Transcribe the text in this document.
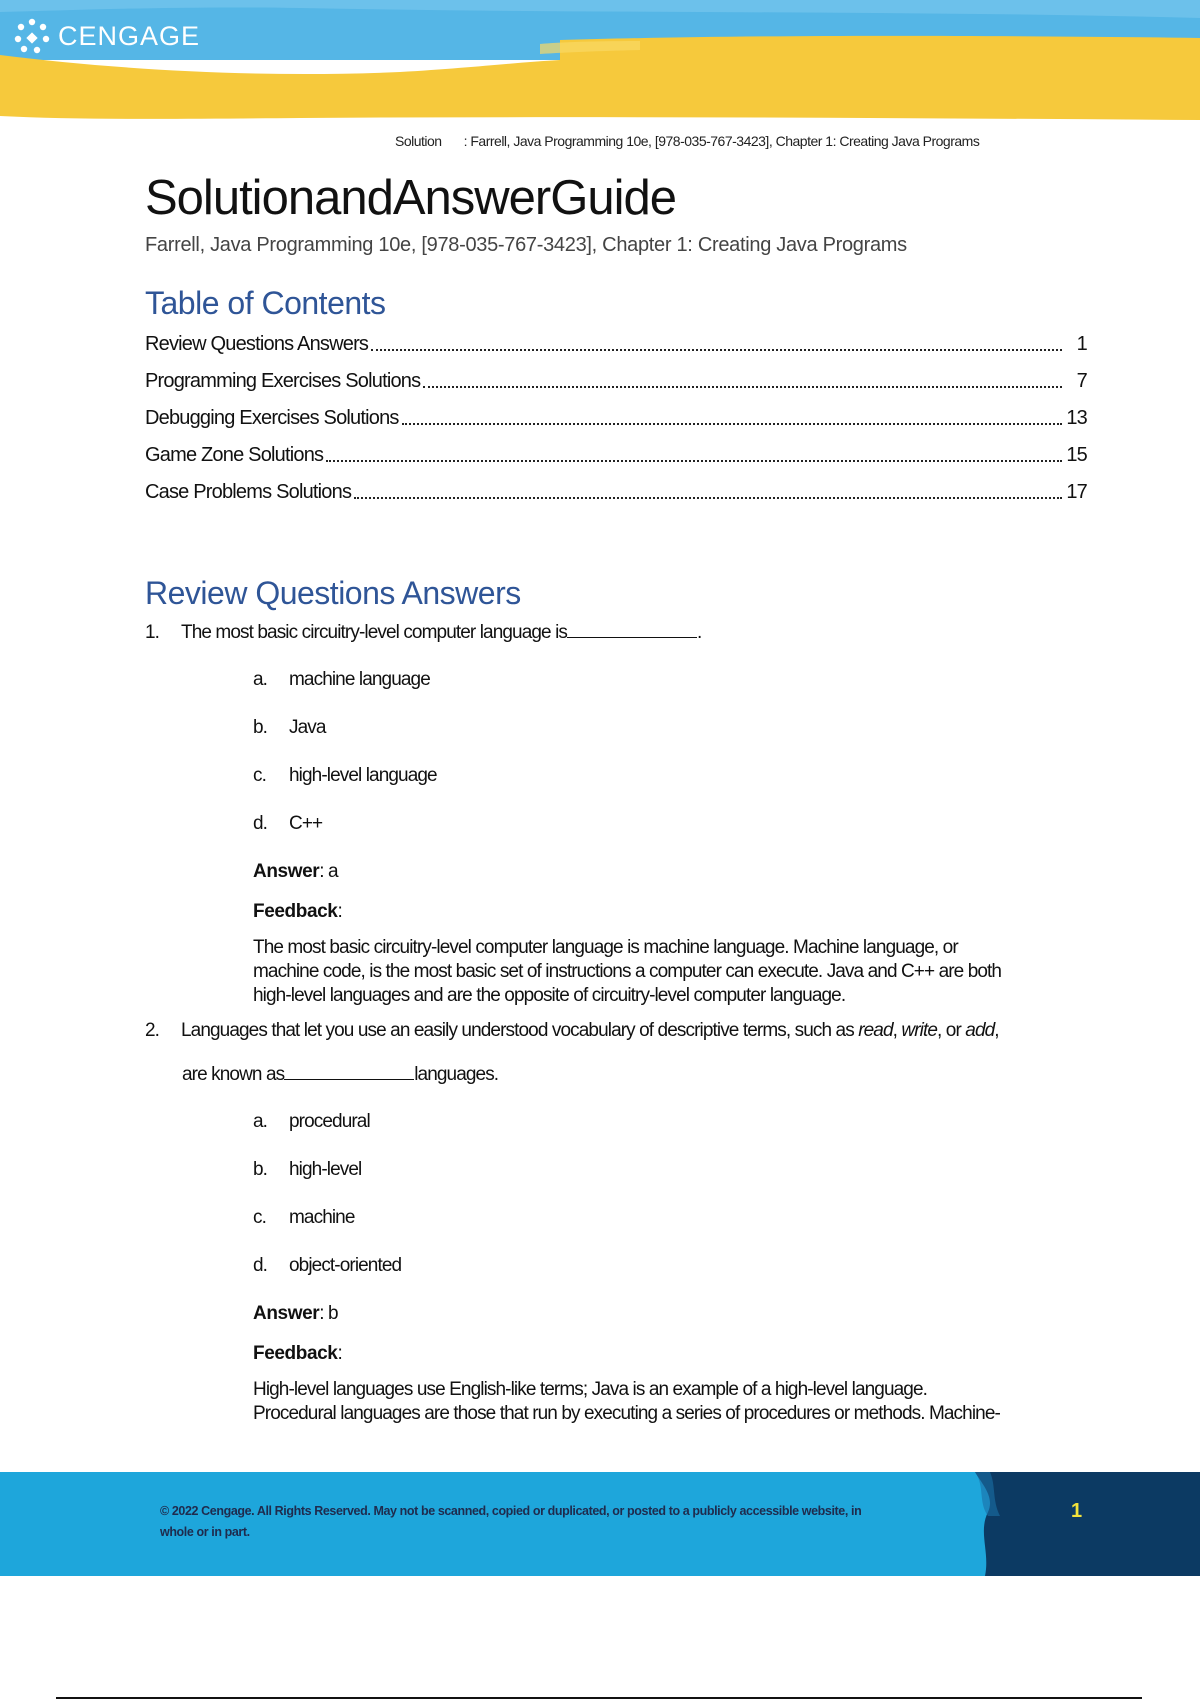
CENGAGE
Solution : Farrell, Java Programming 10e, [978-035-767-3423], Chapter 1: Creating Java Programs
SolutionandAnswerGuide
Farrell, Java Programming 10e, [978-035-767-3423], Chapter 1: Creating Java Programs
Table of Contents
Review Questions Answers	1
Programming Exercises Solutions	7
Debugging Exercises Solutions	13
Game Zone Solutions	15
Case Problems Solutions	17
Review Questions Answers
1.	The most basic circuitry-level computer language is	.
a.	machine language
b.	Java
c.	high-level language
d.	C++
Answer : a
Feedback :
The most basic circuitry-level computer language is machine language. Machine language, or
machine code, is the most basic set of instructions a computer can execute. Java and C++ are both
high-level languages and are the opposite of circuitry-level computer language.
2.	Languages that let you use an easily understood vocabulary of descriptive terms, such as read, write, or add,
are known as	languages.
a.	procedural
b.	high-level
c.	machine
d.	object-oriented
Answer : b
Feedback :
High-level languages use English-like terms; Java is an example of a high-level language.
Procedural languages are those that run by executing a series of procedures or methods. Machine-
© 2022 Cengage. All Rights Reserved. May not be scanned, copied or duplicated, or posted to a publicly accessible website, in
whole or in part.
1
